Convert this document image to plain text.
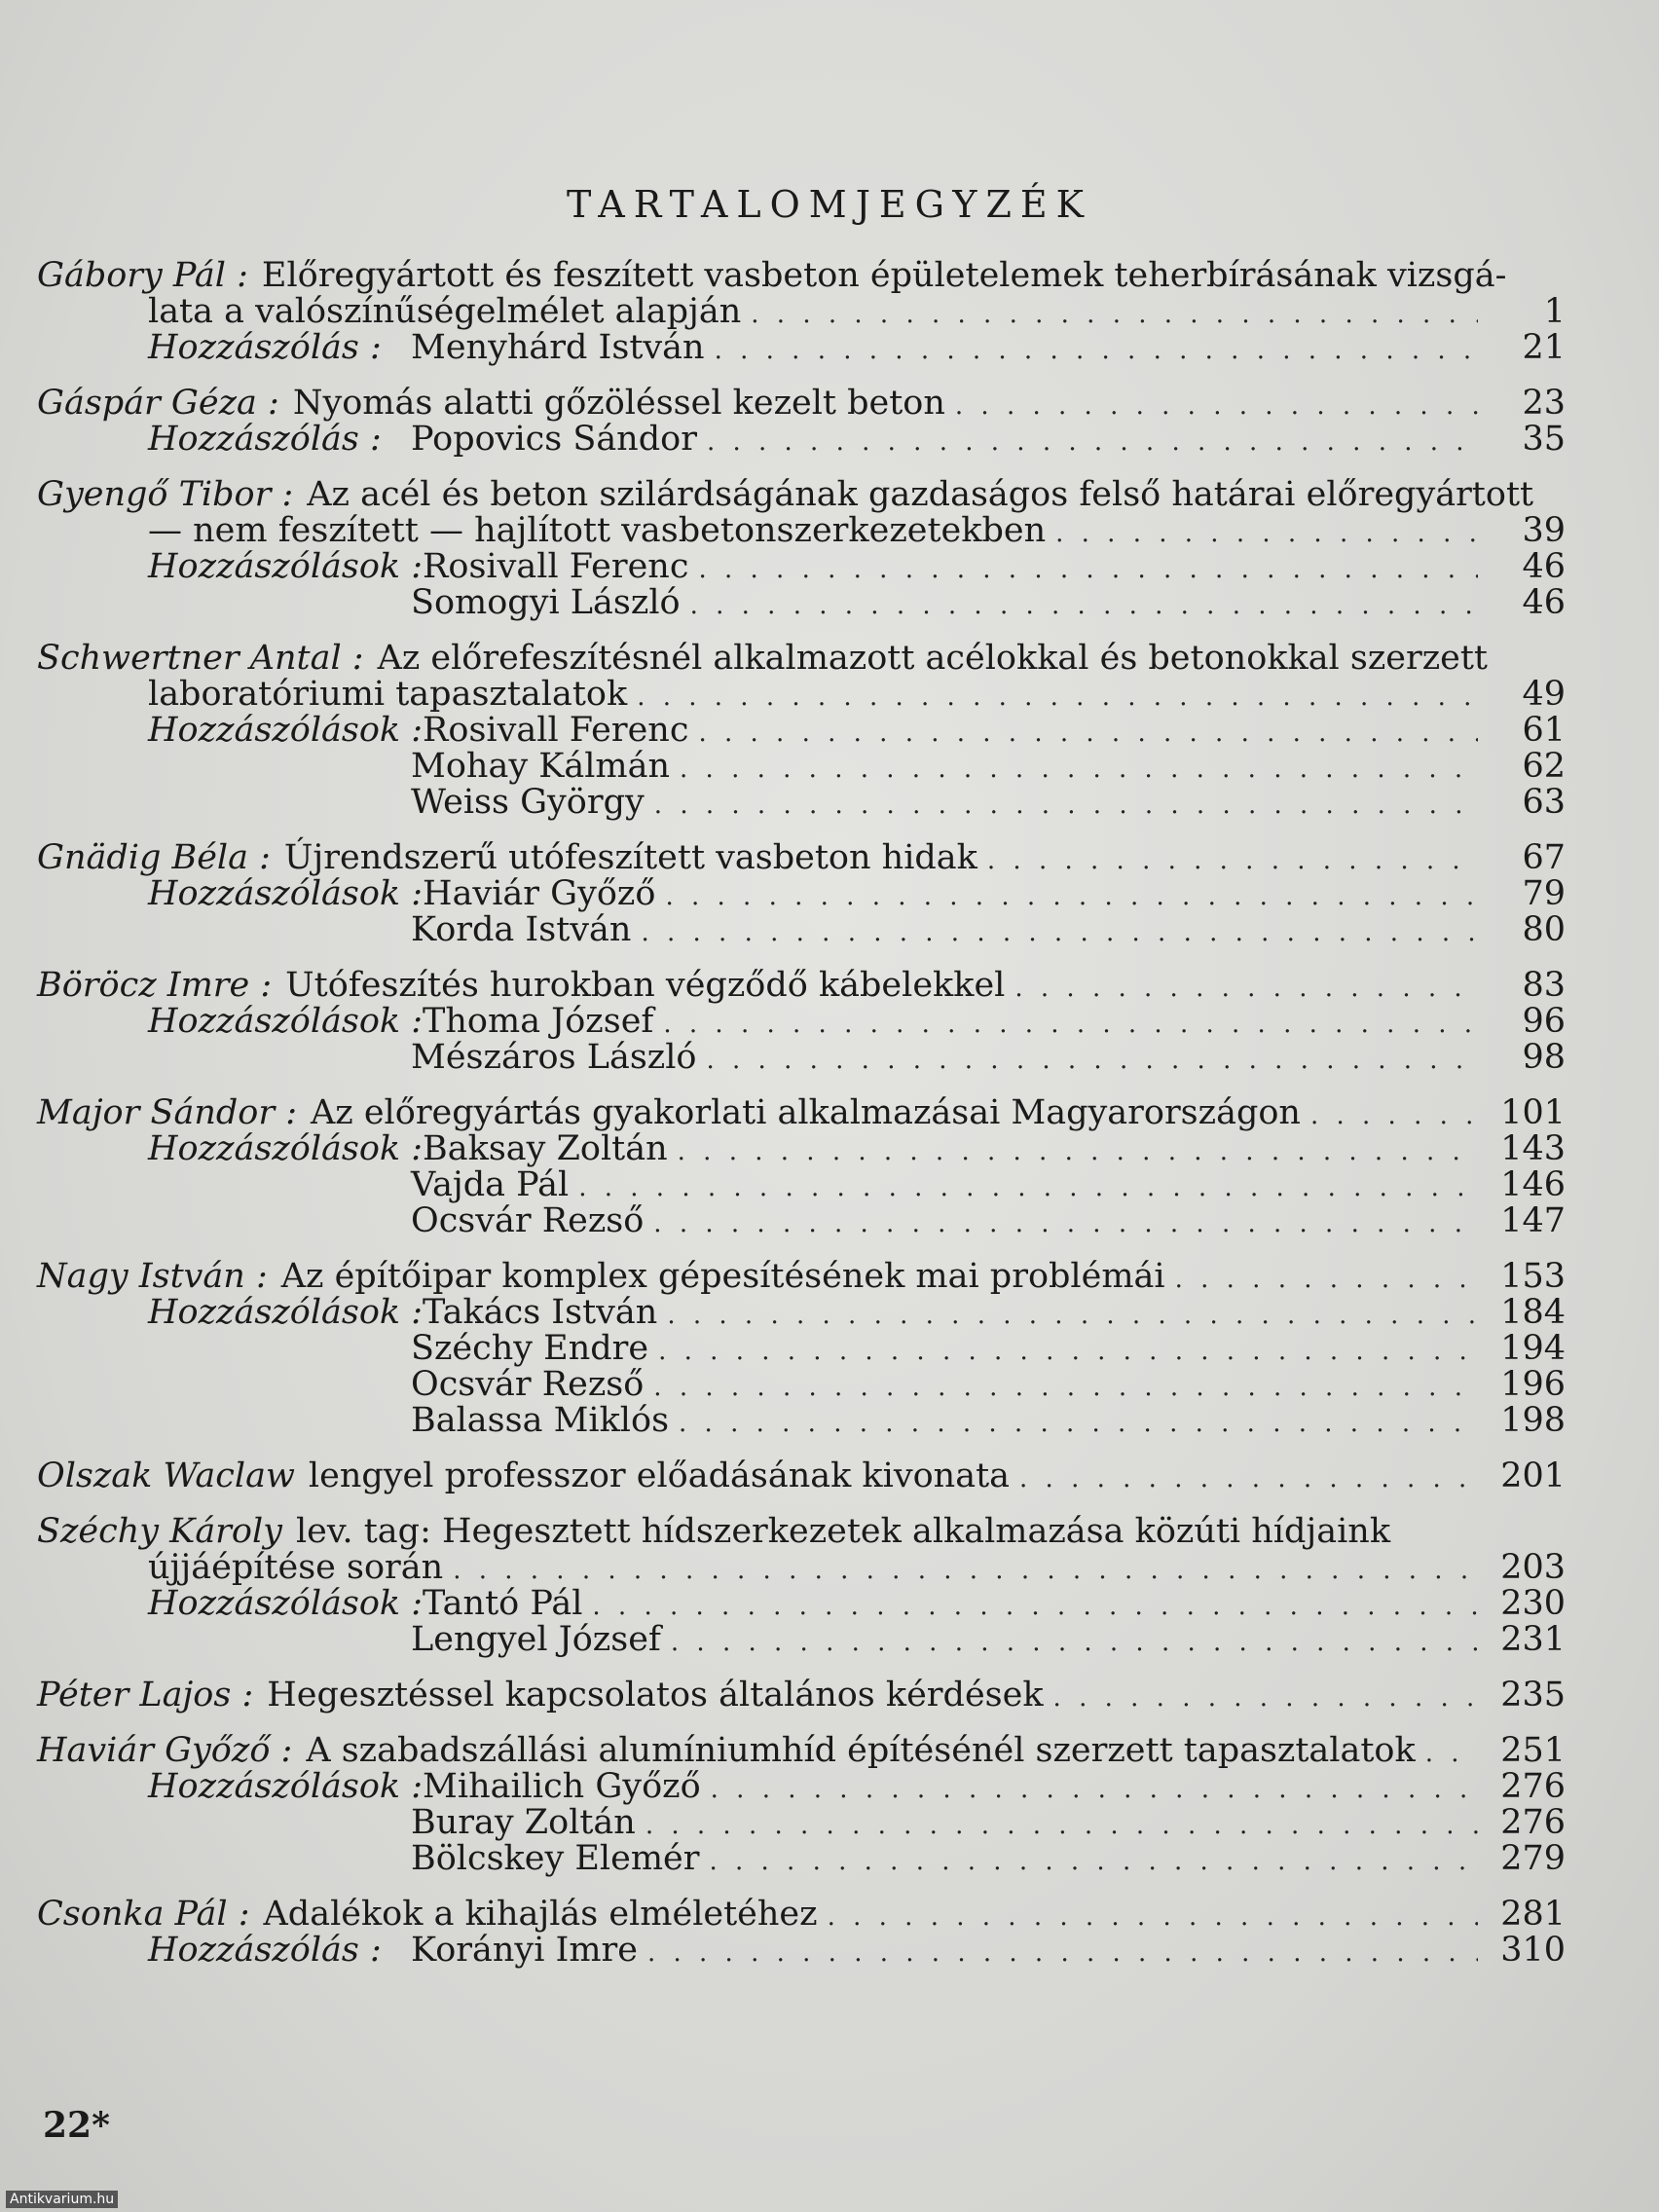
TARTALOMJEGYZÉK
Gábory Pál : Előregyártott és feszített vasbeton épületelemek teherbírásának vizsgá-
lata a valószínűségelmélet alapján . . .	1
Hozzászólás : Menyhárd István . . .	21
Gáspár Géza : Nyomás alatti gőzöléssel kezelt beton . . .	23
Hozzászólás : Popovics Sándor . . .	35
Gyengő Tibor : Az acél és beton szilárdságának gazdaságos felső határai előregyártott
— nem feszített — hajlított vasbetonszerkezetekben . . .	39
Hozzászólások : Rosivall Ferenc . . .	46
Somogyi László . . .	46
Schwertner Antal : Az előrefeszítésnél alkalmazott acélokkal és betonokkal szerzett
laboratóriumi tapasztalatok . . .	49
Hozzászólások : Rosivall Ferenc . . .	61
Mohay Kálmán . . .	62
Weiss György . . .	63
Gnädig Béla : Újrendszerű utófeszített vasbeton hidak . . .	67
Hozzászólások : Haviár Győző . . .	79
Korda István . . .	80
Böröcz Imre : Utófeszítés hurokban végződő kábelekkel . . .	83
Hozzászólások : Thoma József . . .	96
Mészáros László . . .	98
Major Sándor : Az előregyártás gyakorlati alkalmazásai Magyarországon . . .	101
Hozzászólások : Baksay Zoltán . . .	143
Vajda Pál . . .	146
Ocsvár Rezső . . .	147
Nagy István : Az építőipar komplex gépesítésének mai problémái . . .	153
Hozzászólások : Takács István . . .	184
Széchy Endre . . .	194
Ocsvár Rezső . . .	196
Balassa Miklós . . .	198
Olszak Waclaw lengyel professzor előadásának kivonata . . .	201
Széchy Károly lev. tag: Hegesztett hídszerkezetek alkalmazása közúti hídjaink
újjáépítése során . . .	203
Hozzászólások : Tantó Pál . . .	230
Lengyel József . . .	231
Péter Lajos : Hegesztéssel kapcsolatos általános kérdések . . .	235
Haviár Győző : A szabadszállási alumíniumhíd építésénél szerzett tapasztalatok . . .	251
Hozzászólások : Mihailich Győző . . .	276
Buray Zoltán . . .	276
Bölcskey Elemér . . .	279
Csonka Pál : Adalékok a kihajlás elméletéhez . . .	281
Hozzászólás : Korányi Imre . . .	310
22*
Antikvarium.hu
